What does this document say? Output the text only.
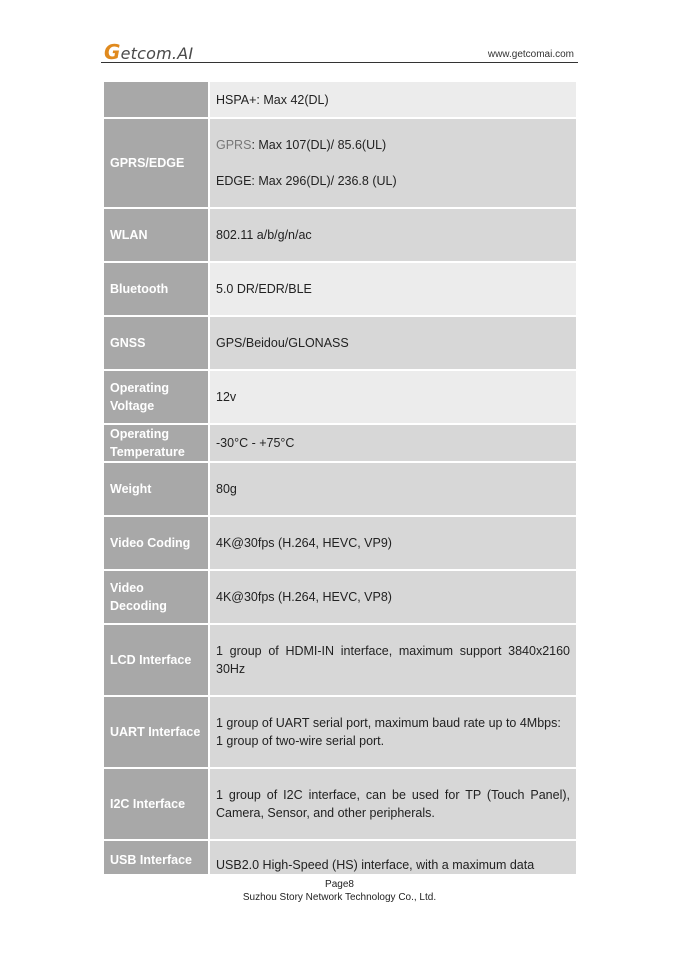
Getcom.AI	www.getcomai.com
	HSPA+: Max 42(DL)
GPRS/EDGE	GPRS: Max 107(DL)/ 85.6(UL)
EDGE: Max 296(DL)/ 236.8 (UL)
WLAN	802.11 a/b/g/n/ac
Bluetooth	5.0 DR/EDR/BLE
GNSS	GPS/Beidou/GLONASS
Operating Voltage	12v
Operating Temperature	-30°C - +75°C
Weight	80g
Video Coding	4K@30fps (H.264, HEVC, VP9)
Video Decoding	4K@30fps (H.264, HEVC, VP8)
LCD Interface	1 group of HDMI-IN interface, maximum support 3840x2160 30Hz
UART Interface	1 group of UART serial port, maximum baud rate up to 4Mbps: 1 group of two-wire serial port.
I2C Interface	1 group of I2C interface, can be used for TP (Touch Panel), Camera, Sensor, and other peripherals.
USB Interface	USB2.0 High-Speed (HS) interface, with a maximum data
Page8
Suzhou Story Network Technology Co., Ltd.
